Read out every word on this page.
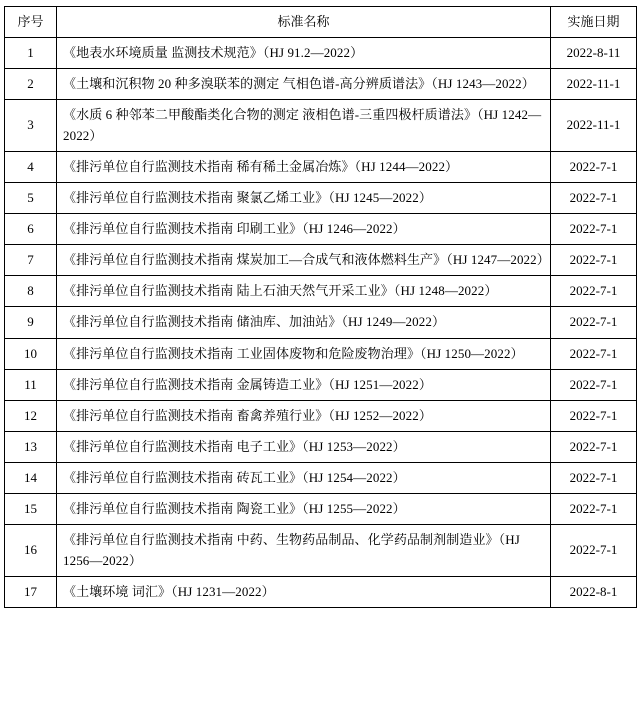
序号	标准名称	实施日期
1	《地表水环境质量 监测技术规范》（HJ 91.2—2022）	2022-8-11
2	《土壤和沉积物 20 种多溴联苯的测定 气相色谱-高分辨质谱法》（HJ 1243—2022）	2022-11-1
3	《水质 6 种邻苯二甲酸酯类化合物的测定 液相色谱-三重四极杆质谱法》（HJ 1242—2022）	2022-11-1
4	《排污单位自行监测技术指南 稀有稀土金属冶炼》（HJ 1244—2022）	2022-7-1
5	《排污单位自行监测技术指南 聚氯乙烯工业》（HJ 1245—2022）	2022-7-1
6	《排污单位自行监测技术指南 印刷工业》（HJ 1246—2022）	2022-7-1
7	《排污单位自行监测技术指南 煤炭加工—合成气和液体燃料生产》（HJ 1247—2022）	2022-7-1
8	《排污单位自行监测技术指南 陆上石油天然气开采工业》（HJ 1248—2022）	2022-7-1
9	《排污单位自行监测技术指南 储油库、加油站》（HJ 1249—2022）	2022-7-1
10	《排污单位自行监测技术指南 工业固体废物和危险废物治理》（HJ 1250—2022）	2022-7-1
11	《排污单位自行监测技术指南 金属铸造工业》（HJ 1251—2022）	2022-7-1
12	《排污单位自行监测技术指南 畜禽养殖行业》（HJ 1252—2022）	2022-7-1
13	《排污单位自行监测技术指南 电子工业》（HJ 1253—2022）	2022-7-1
14	《排污单位自行监测技术指南 砖瓦工业》（HJ 1254—2022）	2022-7-1
15	《排污单位自行监测技术指南 陶瓷工业》（HJ 1255—2022）	2022-7-1
16	《排污单位自行监测技术指南 中药、生物药品制品、化学药品制剂制造业》（HJ 1256—2022）	2022-7-1
17	《土壤环境 词汇》（HJ 1231—2022）	2022-8-1
